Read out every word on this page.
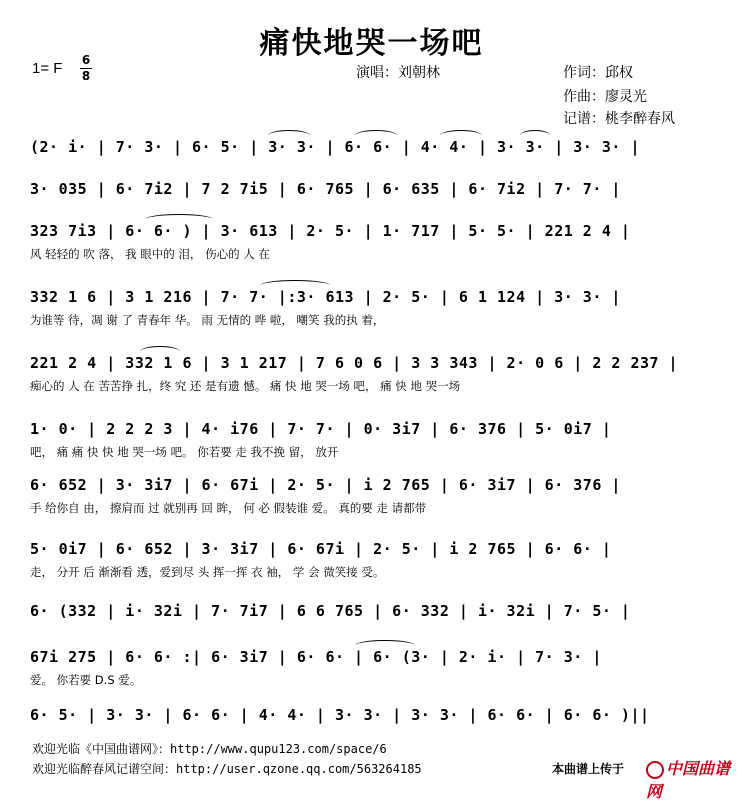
痛快地哭一场吧
1= F 6
8	演唱：刘朝林	作词：邱权
作曲：廖灵光
记谱：桃李醉春风
(2· i· | 7· 3· | 6· 5· | 3· 3· | 6· 6· | 4· 4· | 3· 3· | 3· 3· |
3· 035 | 6· 7i2 | 7 2 7i5 | 6· 765 | 6· 635 | 6· 7i2 | 7· 7· |
323 7i3 | 6· 6· ) | 3· 613 | 2· 5· | 1· 717 | 5· 5· | 221 2 4 |
风 轻轻的 吹 落， 我 眼中的 泪， 伤心的 人 在
332 1 6 | 3 1 216 | 7· 7· |:3· 613 | 2· 5· | 6 1 124 | 3· 3· |
为谁等 待，凋 谢 了 青春年 华。 雨 无情的 哗 啦， 嘲笑 我的执 着，
221 2 4 | 332 1 6 | 3 1 217 | 7 6 0 6 | 3 3 343 | 2· 0 6 | 2 2 237 |
痴心的 人 在 苦苦挣 扎，终 究 还 是有遗 憾。 痛 快 地 哭一场 吧， 痛 快 地 哭一场
1· 0· | 2 2 2 3 | 4· i76 | 7· 7· | 0· 3i7 | 6· 376 | 5· 0i7 |
吧， 痛 痛 快 快 地 哭一场 吧。 你若要 走 我不挽 留， 放开
6· 652 | 3· 3i7 | 6· 67i | 2· 5· | i 2 765 | 6· 3i7 | 6· 376 |
手 给你自 由， 擦肩而 过 就别再 回 眸， 何 必 假装谁 爱。 真的要 走 请都带
5· 0i7 | 6· 652 | 3· 3i7 | 6· 67i | 2· 5· | i 2 765 | 6· 6· |
走， 分开 后 渐渐看 透，爱到尽 头 挥一挥 衣 袖， 学 会 微笑接 受。
6· (332 | i· 32i | 7· 7i7 | 6 6 765 | 6· 332 | i· 32i | 7· 5· |
67i 275 | 6· 6· :| 6· 3i7 | 6· 6· | 6· (3· | 2· i· | 7· 3· |
爱。 你若要 D.S 爱。
6· 5· | 3· 3· | 6· 6· | 4· 4· | 3· 3· | 3· 3· | 6· 6· | 6· 6· )||
欢迎光临《中国曲谱网》：http://www.qupu123.com/space/6
欢迎光临醉春风记谱空间：http://user.qzone.qq.com/563264185	本曲谱上传于	中国曲谱网
